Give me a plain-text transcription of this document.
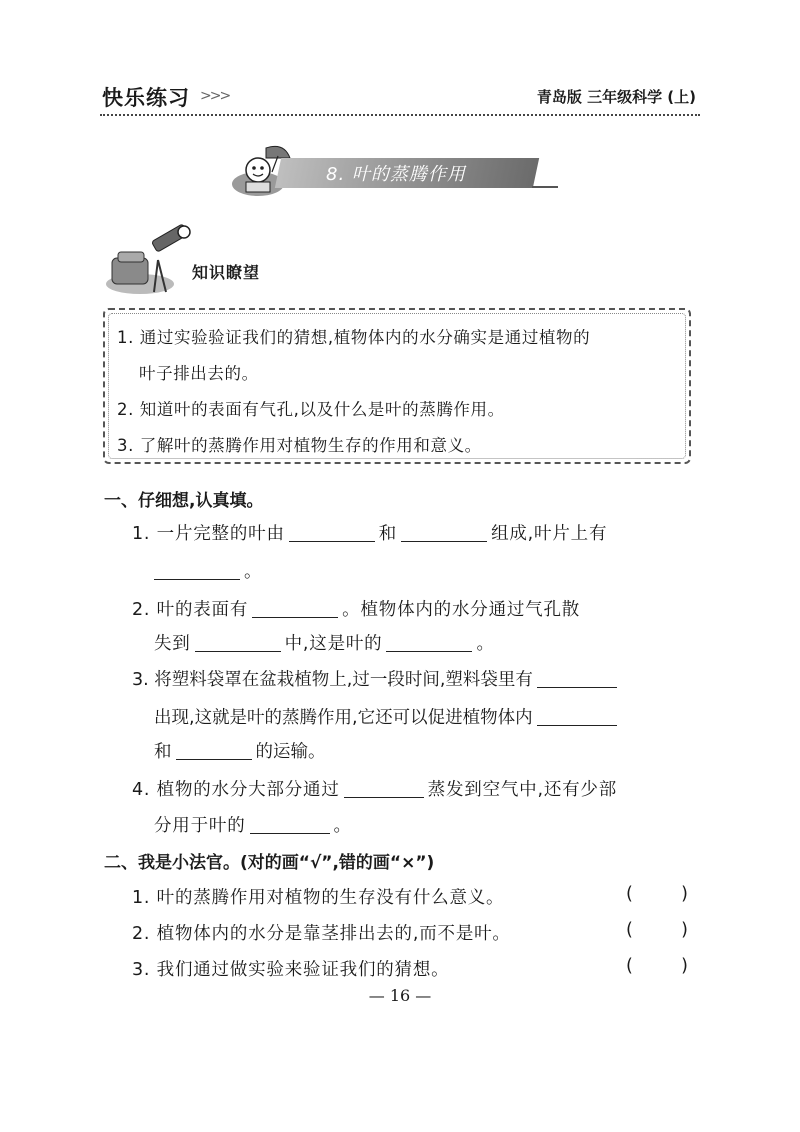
快乐练习 >>>	青岛版 三年级科学 (上)
8. 叶的蒸腾作用
知识瞭望
1. 通过实验验证我们的猜想,植物体内的水分确实是通过植物的
叶子排出去的。
2. 知道叶的表面有气孔,以及什么是叶的蒸腾作用。
3. 了解叶的蒸腾作用对植物生存的作用和意义。
一、仔细想,认真填。
1. 一片完整的叶由	和	组成,叶片上有
。
2. 叶的表面有	。植物体内的水分通过气孔散
失到	中,这是叶的	。
3. 将塑料袋罩在盆栽植物上,过一段时间,塑料袋里有
出现,这就是叶的蒸腾作用,它还可以促进植物体内
和	的运输。
4. 植物的水分大部分通过	蒸发到空气中,还有少部
分用于叶的	。
二、我是小法官。(对的画“√”,错的画“×”)
1. 叶的蒸腾作用对植物的生存没有什么意义。	(	)
2. 植物体内的水分是靠茎排出去的,而不是叶。	(	)
3. 我们通过做实验来验证我们的猜想。	(	)
— 16 —
